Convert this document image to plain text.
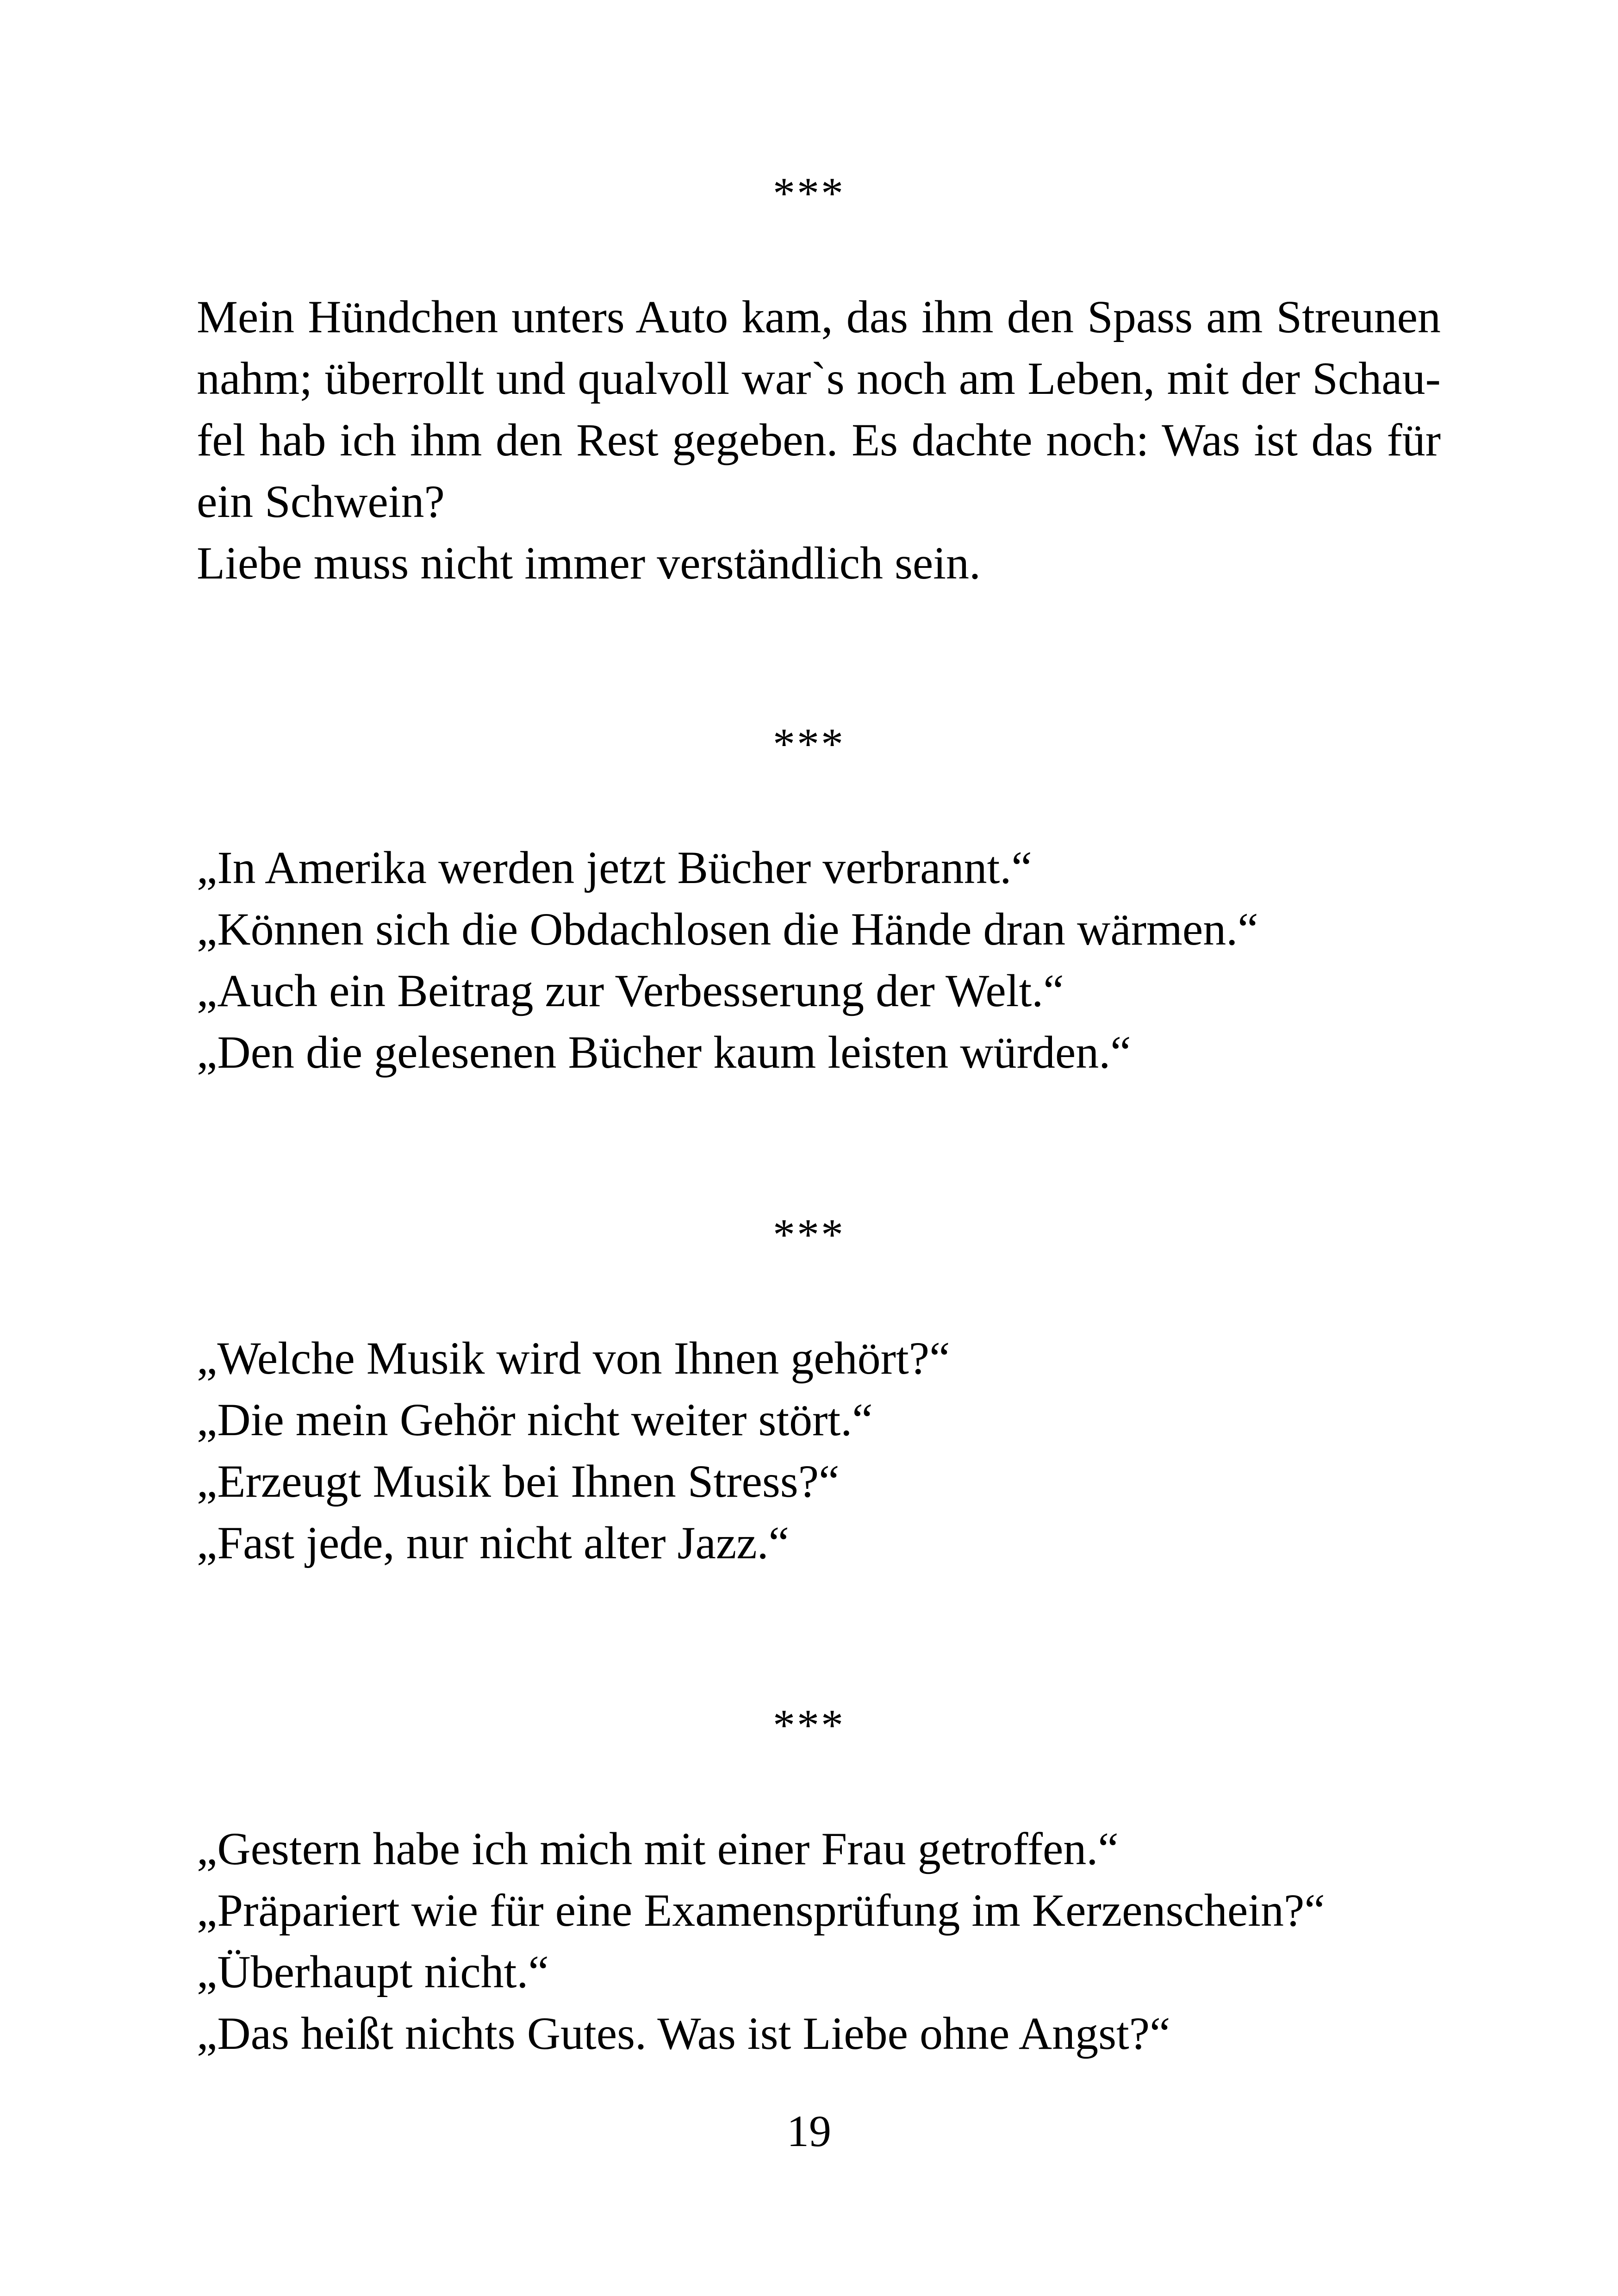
***
Mein Hündchen unters Auto kam, das ihm den Spass am Streunen
nahm; überrollt und qualvoll war`s noch am Leben, mit der Schau-
fel hab ich ihm den Rest gegeben. Es dachte noch: Was ist das für
ein Schwein?
Liebe muss nicht immer verständlich sein.
***
„In Amerika werden jetzt Bücher verbrannt.“
„Können sich die Obdachlosen die Hände dran wärmen.“
„Auch ein Beitrag zur Verbesserung der Welt.“
„Den die gelesenen Bücher kaum leisten würden.“
***
„Welche Musik wird von Ihnen gehört?“
„Die mein Gehör nicht weiter stört.“
„Erzeugt Musik bei Ihnen Stress?“
„Fast jede, nur nicht alter Jazz.“
***
„Gestern habe ich mich mit einer Frau getroffen.“
„Präpariert wie für eine Examensprüfung im Kerzenschein?“
„Überhaupt nicht.“
„Das heißt nichts Gutes. Was ist Liebe ohne Angst?“
19
